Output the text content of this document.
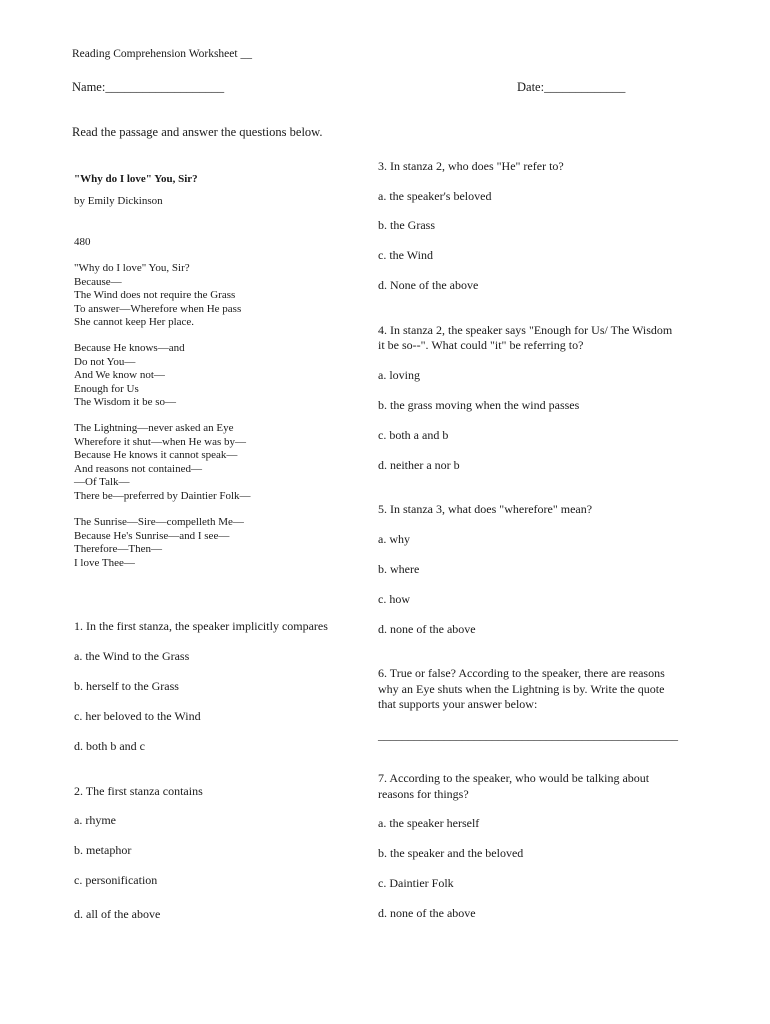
Reading Comprehension Worksheet __
Name:___________________	Date:_____________
Read the passage and answer the questions below.
"Why do I love" You, Sir?
by Emily Dickinson
480
"Why do I love" You, Sir?
Because—
The Wind does not require the Grass
To answer—Wherefore when He pass
She cannot keep Her place.
Because He knows—and
Do not You—
And We know not—
Enough for Us
The Wisdom it be so—
The Lightning—never asked an Eye
Wherefore it shut—when He was by—
Because He knows it cannot speak—
And reasons not contained—
—Of Talk—
There be—preferred by Daintier Folk—
The Sunrise—Sire—compelleth Me—
Because He's Sunrise—and I see—
Therefore—Then—
I love Thee—
1. In the first stanza, the speaker implicitly compares
a. the Wind to the Grass
b. herself to the Grass
c. her beloved to the Wind
d. both b and c
2. The first stanza contains
a. rhyme
b. metaphor
c. personification
d. all of the above
3. In stanza 2, who does "He" refer to?
a. the speaker's beloved
b. the Grass
c. the Wind
d. None of the above
4. In stanza 2, the speaker says "Enough for Us/ The Wisdom
it be so--". What could "it" be referring to?
a. loving
b. the grass moving when the wind passes
c. both a and b
d. neither a nor b
5. In stanza 3, what does "wherefore" mean?
a. why
b. where
c. how
d. none of the above
6. True or false? According to the speaker, there are reasons
why an Eye shuts when the Lightning is by. Write the quote
that supports your answer below:
__________________________________________________
7. According to the speaker, who would be talking about
reasons for things?
a. the speaker herself
b. the speaker and the beloved
c. Daintier Folk
d. none of the above
